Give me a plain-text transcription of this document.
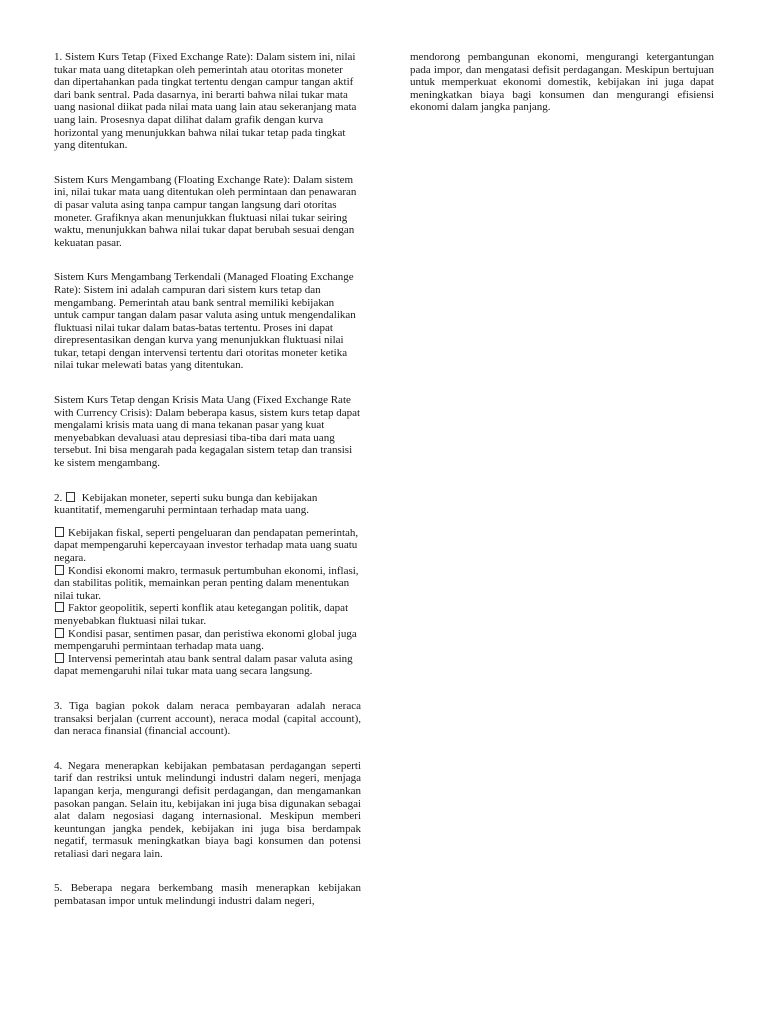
1. Sistem Kurs Tetap (Fixed Exchange Rate): Dalam sistem ini, nilai tukar mata uang ditetapkan oleh pemerintah atau otoritas moneter dan dipertahankan pada tingkat tertentu dengan campur tangan aktif dari bank sentral. Pada dasarnya, ini berarti bahwa nilai tukar mata uang nasional diikat pada nilai mata uang lain atau sekeranjang mata uang lain. Prosesnya dapat dilihat dalam grafik dengan kurva horizontal yang menunjukkan bahwa nilai tukar tetap pada tingkat yang ditentukan.

Sistem Kurs Mengambang (Floating Exchange Rate): Dalam sistem ini, nilai tukar mata uang ditentukan oleh permintaan dan penawaran di pasar valuta asing tanpa campur tangan langsung dari otoritas moneter. Grafiknya akan menunjukkan fluktuasi nilai tukar seiring waktu, menunjukkan bahwa nilai tukar dapat berubah sesuai dengan kekuatan pasar.

Sistem Kurs Mengambang Terkendali (Managed Floating Exchange Rate): Sistem ini adalah campuran dari sistem kurs tetap dan mengambang. Pemerintah atau bank sentral memiliki kebijakan untuk campur tangan dalam pasar valuta asing untuk mengendalikan fluktuasi nilai tukar dalam batas-batas tertentu. Proses ini dapat direpresentasikan dengan kurva yang menunjukkan fluktuasi nilai tukar, tetapi dengan intervensi tertentu dari otoritas moneter ketika nilai tukar melewati batas yang ditentukan.

Sistem Kurs Tetap dengan Krisis Mata Uang (Fixed Exchange Rate with Currency Crisis): Dalam beberapa kasus, sistem kurs tetap dapat mengalami krisis mata uang di mana tekanan pasar yang kuat menyebabkan devaluasi atau depresiasi tiba-tiba dari mata uang tersebut. Ini bisa mengarah pada kegagalan sistem tetap dan transisi ke sistem mengambang.

2. Kebijakan moneter, seperti suku bunga dan kebijakan kuantitatif, memengaruhi permintaan terhadap mata uang.

Kebijakan fiskal, seperti pengeluaran dan pendapatan pemerintah, dapat mempengaruhi kepercayaan investor terhadap mata uang suatu negara.
Kondisi ekonomi makro, termasuk pertumbuhan ekonomi, inflasi, dan stabilitas politik, memainkan peran penting dalam menentukan nilai tukar.
Faktor geopolitik, seperti konflik atau ketegangan politik, dapat menyebabkan fluktuasi nilai tukar.
Kondisi pasar, sentimen pasar, dan peristiwa ekonomi global juga mempengaruhi permintaan terhadap mata uang.
Intervensi pemerintah atau bank sentral dalam pasar valuta asing dapat memengaruhi nilai tukar mata uang secara langsung.

3. Tiga bagian pokok dalam neraca pembayaran adalah neraca transaksi berjalan (current account), neraca modal (capital account), dan neraca finansial (financial account).

4. Negara menerapkan kebijakan pembatasan perdagangan seperti tarif dan restriksi untuk melindungi industri dalam negeri, menjaga lapangan kerja, mengurangi defisit perdagangan, dan mengamankan pasokan pangan. Selain itu, kebijakan ini juga bisa digunakan sebagai alat dalam negosiasi dagang internasional. Meskipun memberi keuntungan jangka pendek, kebijakan ini juga bisa berdampak negatif, termasuk meningkatkan biaya bagi konsumen dan potensi retaliasi dari negara lain.

5. Beberapa negara berkembang masih menerapkan kebijakan pembatasan impor untuk melindungi industri dalam negeri,

mendorong pembangunan ekonomi, mengurangi ketergantungan pada impor, dan mengatasi defisit perdagangan. Meskipun bertujuan untuk memperkuat ekonomi domestik, kebijakan ini juga dapat meningkatkan biaya bagi konsumen dan mengurangi efisiensi ekonomi dalam jangka panjang.
